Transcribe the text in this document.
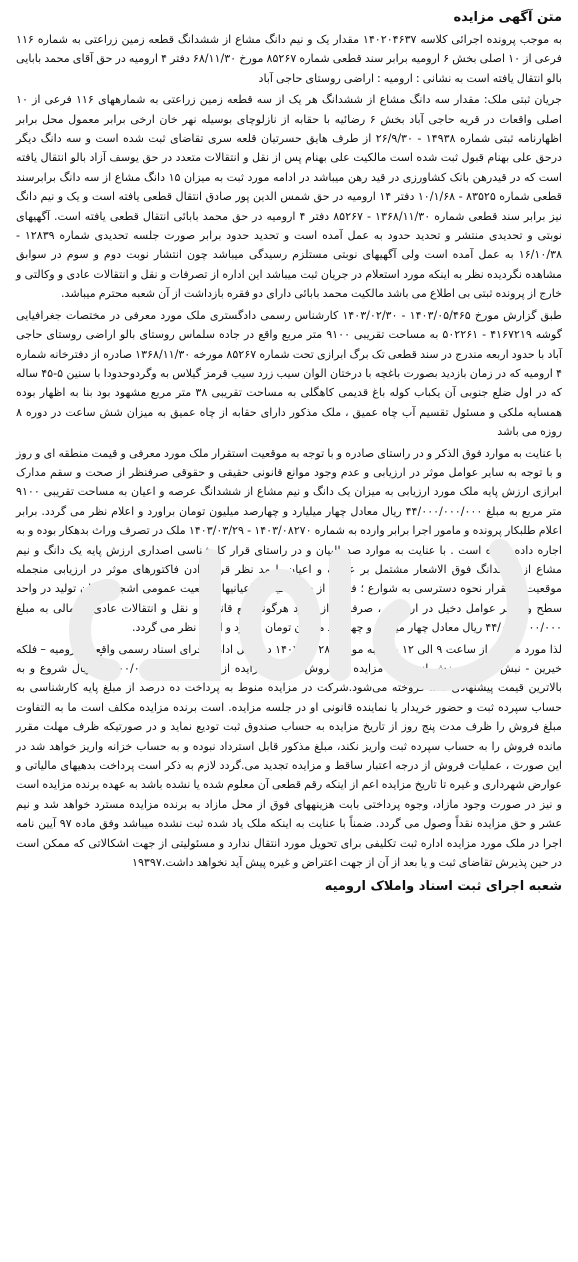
متن آگهی مزایده

به موجب پرونده اجرائی کلاسه ۱۴۰۲۰۴۶۳۷ مقدار یک و نیم دانگ مشاع از ششدانگ قطعه زمین زراعتی به شماره ۱۱۶ فرعی از ۱۰ اصلی بخش ۶ ارومیه برابر سند قطعی شماره ۸۵۲۶۷ مورخ ۶۸/۱۱/۳۰ دفتر ۴ ارومیه در حق آقای محمد بابایی بالو انتقال یافته است به نشانی : ارومیه : اراضی روستای حاجی آباد

جریان ثبتی ملک: مقدار سه دانگ مشاع از ششدانگ هر یک از سه قطعه زمین زراعتی به شمارههای ۱۱۶ فرعی از ۱۰ اصلی واقعات در قریه حاجی آباد بخش ۶ رضائیه با حقابه از نازلوچای بوسیله نهر خان ارخی برابر معمول محل برابر اظهارنامه ثبتی شماره ۱۴۹۳۸ - ۲۶/۹/۳۰ از طرف هایق حسرتیان قلعه سری تقاضای ثبت شده است و سه دانگ دیگر درحق علی بهنام قبول ثبت شده است مالکیت علی بهنام پس از نقل و انتقالات متعدد در حق یوسف آزاد بالو انتقال یافته است که در قیدرهن بانک کشاورزی در قید رهن میباشد در ادامه مورد ثبت به میزان ۱۵ دانگ مشاع از سه دانگ برابرسند قطعی شماره ۸۳۵۲۵ - ۱۰/۱/۶۸ دفتر ۱۴ ارومیه در حق شمس الدین پور صادق انتقال قطعی یافته است و یک و نیم دانگ نیز برابر سند قطعی شماره ۱۳۶۸/۱۱/۳۰ - ۸۵۲۶۷ دفتر ۴ ارومیه در حق محمد بابائی انتقال قطعی یافته است. آگهیهای نوبتی و تحدیدی منتشر و تحدید حدود به عمل آمده است و تحدید حدود برابر صورت جلسه تحدیدی شماره ۱۲۸۳۹ - ۱۶/۱۰/۳۸ به عمل آمده است ولی آگهیهای نوبتی مستلزم رسیدگی میباشد چون انتشار نوبت دوم و سوم در سوابق مشاهده نگردیده نظر به اینکه مورد استعلام در جریان ثبت میباشد این اداره از تصرفات و نقل و انتقالات عادی و وکالتی و خارج از پرونده ثبتی بی اطلاع می باشد مالکیت محمد بابائی دارای دو فقره بازداشت از آن شعبه محترم میباشد.

طبق گزارش مورخ ۱۴۰۳/۰۵/۴۶۵ - ۱۴۰۳/۰۲/۳۰ کارشناس رسمی دادگستری ملک مورد معرفی در مختصات جغرافیایی گوشه ۴۱۶۷۲۱۹ - ۵۰۲۲۶۱ به مساحت تقریبی ۹۱۰۰ متر مربع واقع در جاده سلماس روستای بالو اراضی روستای حاجی آباد با حدود اربعه مندرج در سند قطعی تک برگ ابرازی تحت شماره ۸۵۲۶۷ مورخه ۱۳۶۸/۱۱/۳۰ صادره از دفترخانه شماره ۴ ارومیه که در زمان بازدید بصورت باغچه با درختان الوان سیب زرد سیب قرمز گیلاس به وگردوحدودا با سنین ۵-۴۵ ساله که در اول ضلع جنوبی آن یکباب کوله باغ قدیمی کاهگلی به مساحت تقریبی ۳۸ متر مربع مشهود بود بنا به اظهار بوده همسایه ملکی و مسئول تقسیم آب چاه عمیق ، ملک مذکور دارای حقابه از چاه عمیق به میزان شش ساعت در دوره ۸ روزه می باشد

با عنایت به موارد فوق الذکر و در راستای صادره و با توجه به موقعیت استقرار ملک مورد معرفی و قیمت منطقه ای و روز و با توجه به سایر عوامل موثر در ارزیابی و عدم وجود موانع قانونی حقیقی و حقوقی صرفنظر از صحت و سقم مدارک ابرازی ارزش پایه ملک مورد ارزیابی به میزان یک دانگ و نیم مشاع از ششدانگ عرصه و اعیان به مساحت تقریبی ۹۱۰۰ متر مربع به مبلغ ۴۴/۰۰۰/۰۰۰/۰۰۰ ریال معادل چهار میلیارد و چهارصد میلیون تومان براورد و اعلام نظر می گردد. برابر اعلام طلبکار پرونده و مامور اجرا برابر وارده به شماره ۱۴۰۳/۰۸۲۷۰ - ۱۴۰۳/۰۳/۲۹ ملک در تصرف وراث بدهکار بوده و به اجاره داده نشده است . با عنایت به موارد صدرالبیان و در راستای قرار کارشناسی اصداری ارزش پایه یک دانگ و نیم مشاع از ششدانگ فوق الاشعار مشتمل بر عرصه و اعیان با مد نظر قرار دادن فاکتورهای موثر در ارزیابی منجمله موقعیت استقرار نحوه دسترسی به شوارع ؛ فاصله از شهر، کیفیت اعیانیها، وضعیت عمومی اشجار میزان تولید در واحد سطح و سایر عوامل دخیل در ارزیابی ، صرفنظر از وجود هرگونه منع قانونی و نقل و انتقالات عادی احتمالی به مبلغ ۴۴/۰۰۰/۰۰۰/۰۰۰ ریال معادل چهار میلیارد و چهارصد میلیون تومان براورد و اعلام نظر می گردد.

لذا مورد مزایده از ساعت ۹ الی ۱۲ یکشنبه مورخه ۱۴۰۳/۰۵/۲۸ در محل اداره اجرای اسناد رسمی واقع در ارومیه – فلکه خیرین - نبش خیابان ورزش از طریق مزایده به فروش میرسد مزایده از مبلغ پایه ۴۴/۰۰۰/۰۰۰/۰۰۰ ریال شروع و به بالاترین قیمت پیشنهادی نقداً فروخته می‌شود.شرکت در مزایده منوط به پرداخت ده درصد از مبلغ پایه کارشناسی به حساب سپرده ثبت و حضور خریدار یا نماینده قانونی او در جلسه مزایده. است برنده مزایده مکلف است ما به التفاوت مبلغ فروش را ظرف مدت پنج روز از تاریخ مزایده به حساب صندوق ثبت تودیع نماید و در صورتیکه ظرف مهلت مقرر مانده فروش را به حساب سپرده ثبت واریز نکند، مبلغ مذکور قابل استرداد نبوده و به حساب خزانه واریز خواهد شد در این صورت ، عملیات فروش از درجه اعتبار ساقط و مزایده تجدید می.گردد لازم به ذکر است پرداخت بدهیهای مالیاتی و عوارض شهرداری و غیره تا تاریخ مزایده اعم از اینکه رقم قطعی آن معلوم شده یا نشده باشد به عهده برنده مزایده است و نیز در صورت وجود مازاد، وجوه پرداختی بابت هزینههای فوق از محل مازاد به برنده مزایده مسترد خواهد شد و نیم عشر و حق مزایده نقداً وصول می گردد. ضمناً با عنایت به اینکه ملک یاد شده ثبت نشده میباشد وفق ماده ۹۷ آیین نامه اجرا در ملک مورد مزایده اداره ثبت تکلیفی برای تحویل مورد انتقال ندارد و مسئولیتی از جهت اشکالاتی که ممکن است در حین پذیرش تقاضای ثبت و یا بعد از آن از جهت اعتراض و غیره پیش آید نخواهد داشت.۱۹۳۹۷

شعبه اجرای ثبت اسناد واملاک ارومیه
